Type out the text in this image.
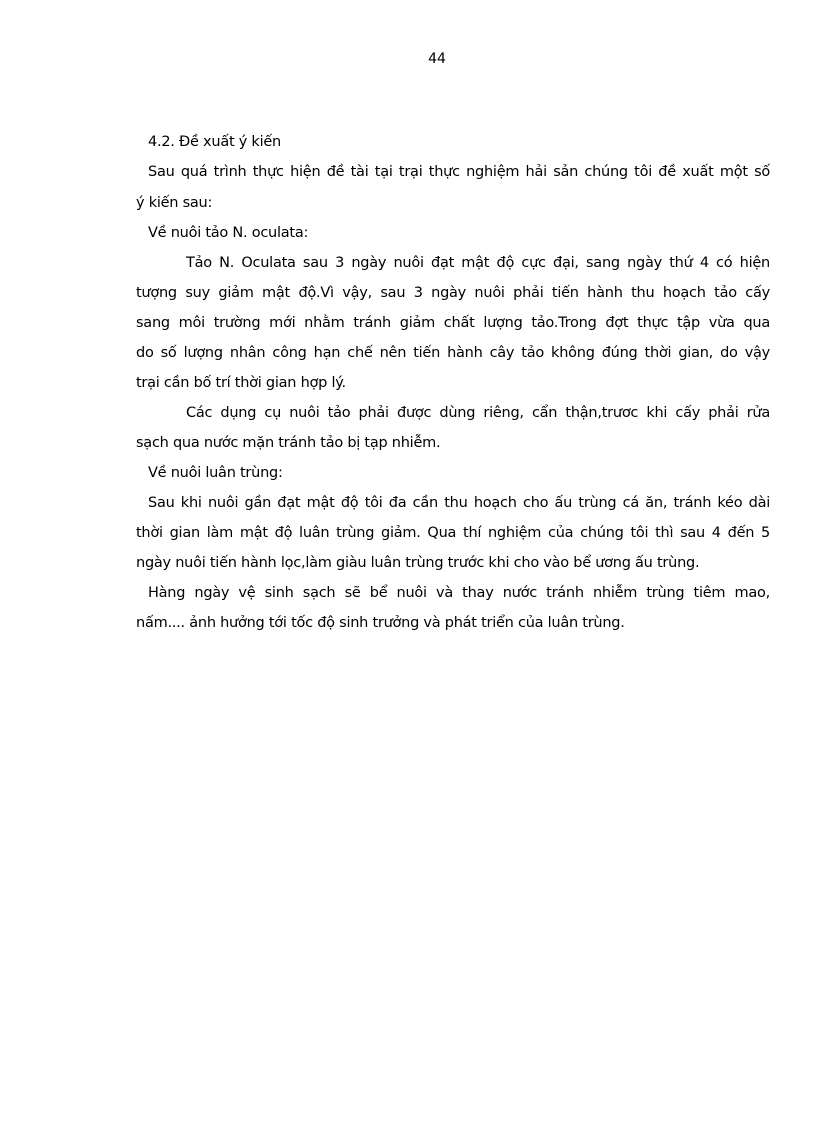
44
4.2. Đề xuất ý kiến
Sau quá trình thực hiện đề tài tại trại thực nghiệm hải sản chúng tôi đề xuất một số
ý kiến sau:
Về nuôi tảo N. oculata:
Tảo N. Oculata sau 3 ngày nuôi đạt mật độ cực đại, sang ngày thứ 4 có hiện
tượng suy giảm mật độ.Vì vậy, sau 3 ngày nuôi phải tiến hành thu hoạch tảo cấy
sang môi trường mới nhằm tránh giảm chất lượng tảo.Trong đợt thực tập vừa qua
do số lượng nhân công hạn chế nên tiến hành cây tảo không đúng thời gian, do vậy
trại cần bố trí thời gian hợp lý.
Các dụng cụ nuôi tảo phải được dùng riêng, cẩn thận,trươc khi cấy phải rửa
sạch qua nước mặn tránh tảo bị tạp nhiễm.
Về nuôi luân trùng:
Sau khi nuôi gần đạt mật độ tôi đa cần thu hoạch cho ấu trùng cá ăn, tránh kéo dài
thời gian làm mật độ luân trùng giảm. Qua thí nghiệm của chúng tôi thì sau 4 đến 5
ngày nuôi tiến hành lọc,làm giàu luân trùng trước khi cho vào bể ương ấu trùng.
Hàng ngày vệ sinh sạch sẽ bể nuôi và thay nước tránh nhiễm trùng tiêm mao,
nấm.... ảnh hưởng tới tốc độ sinh trưởng và phát triển của luân trùng.
